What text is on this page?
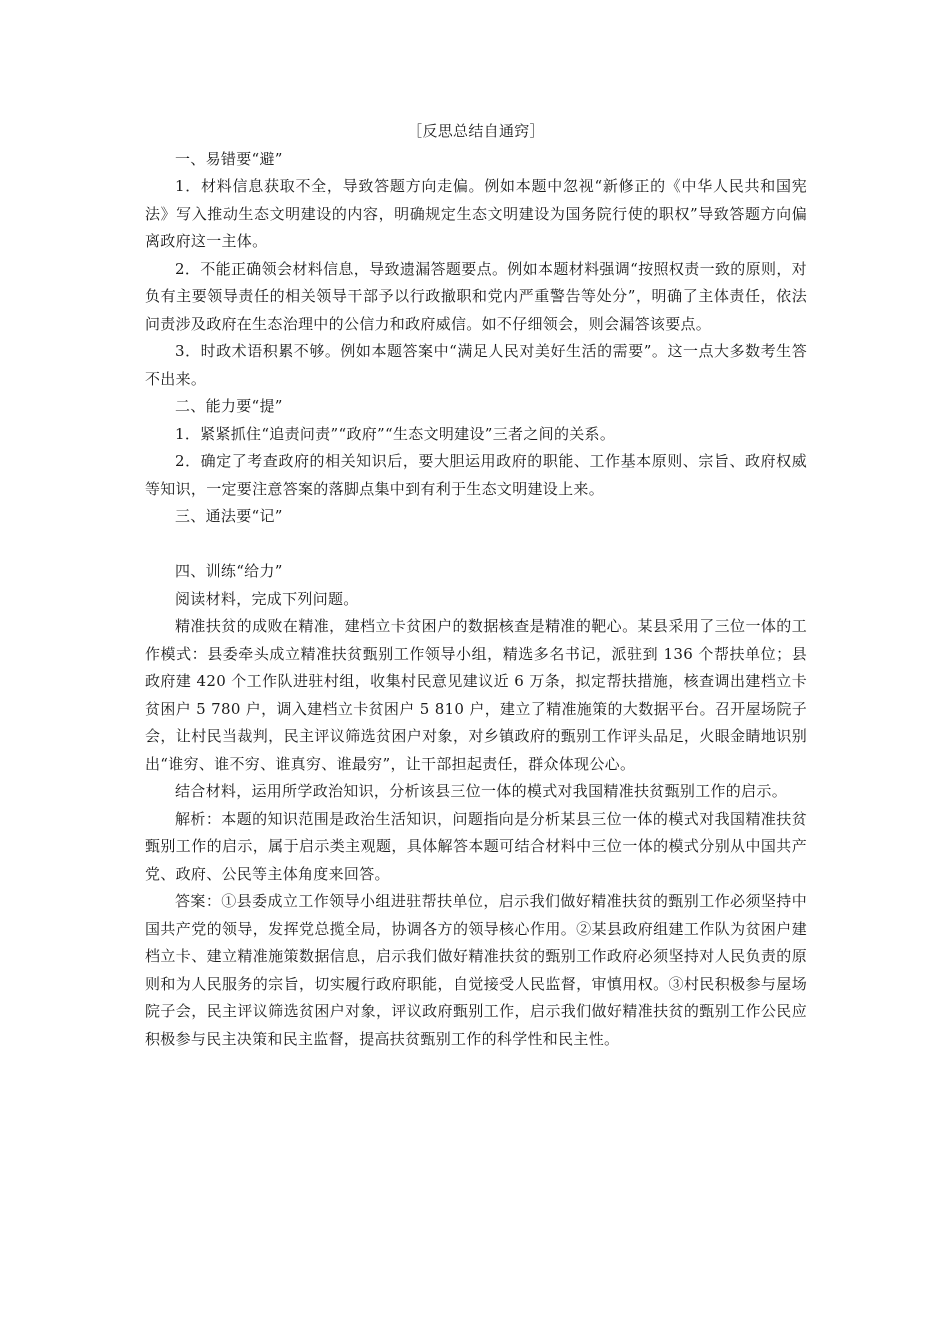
［反思总结自通窍］

一、易错要“避”

1．材料信息获取不全，导致答题方向走偏。例如本题中忽视“新修正的《中华人民共和国宪法》写入推动生态文明建设的内容，明确规定生态文明建设为国务院行使的职权”导致答题方向偏离政府这一主体。

2．不能正确领会材料信息，导致遗漏答题要点。例如本题材料强调“按照权责一致的原则，对负有主要领导责任的相关领导干部予以行政撤职和党内严重警告等处分”，明确了主体责任，依法问责涉及政府在生态治理中的公信力和政府威信。如不仔细领会，则会漏答该要点。

3．时政术语积累不够。例如本题答案中“满足人民对美好生活的需要”。这一点大多数考生答不出来。

二、能力要“提”

1．紧紧抓住“追责问责”“政府”“生态文明建设”三者之间的关系。

2．确定了考查政府的相关知识后，要大胆运用政府的职能、工作基本原则、宗旨、政府权威等知识，一定要注意答案的落脚点集中到有利于生态文明建设上来。

三、通法要“记”

四、训练“给力”

阅读材料，完成下列问题。

精准扶贫的成败在精准，建档立卡贫困户的数据核查是精准的靶心。某县采用了三位一体的工作模式：县委牵头成立精准扶贫甄别工作领导小组，精选多名书记，派驻到 136 个帮扶单位；县政府建 420 个工作队进驻村组，收集村民意见建议近 6 万条，拟定帮扶措施，核查调出建档立卡贫困户 5 780 户，调入建档立卡贫困户 5 810 户，建立了精准施策的大数据平台。召开屋场院子会，让村民当裁判，民主评议筛选贫困户对象，对乡镇政府的甄别工作评头品足，火眼金睛地识别出“谁穷、谁不穷、谁真穷、谁最穷”，让干部担起责任，群众体现公心。

结合材料，运用所学政治知识，分析该县三位一体的模式对我国精准扶贫甄别工作的启示。

解析：本题的知识范围是政治生活知识，问题指向是分析某县三位一体的模式对我国精准扶贫甄别工作的启示，属于启示类主观题，具体解答本题可结合材料中三位一体的模式分别从中国共产党、政府、公民等主体角度来回答。

答案：①县委成立工作领导小组进驻帮扶单位，启示我们做好精准扶贫的甄别工作必须坚持中国共产党的领导，发挥党总揽全局，协调各方的领导核心作用。②某县政府组建工作队为贫困户建档立卡、建立精准施策数据信息，启示我们做好精准扶贫的甄别工作政府必须坚持对人民负责的原则和为人民服务的宗旨，切实履行政府职能，自觉接受人民监督，审慎用权。③村民积极参与屋场院子会，民主评议筛选贫困户对象，评议政府甄别工作，启示我们做好精准扶贫的甄别工作公民应积极参与民主决策和民主监督，提高扶贫甄别工作的科学性和民主性。
